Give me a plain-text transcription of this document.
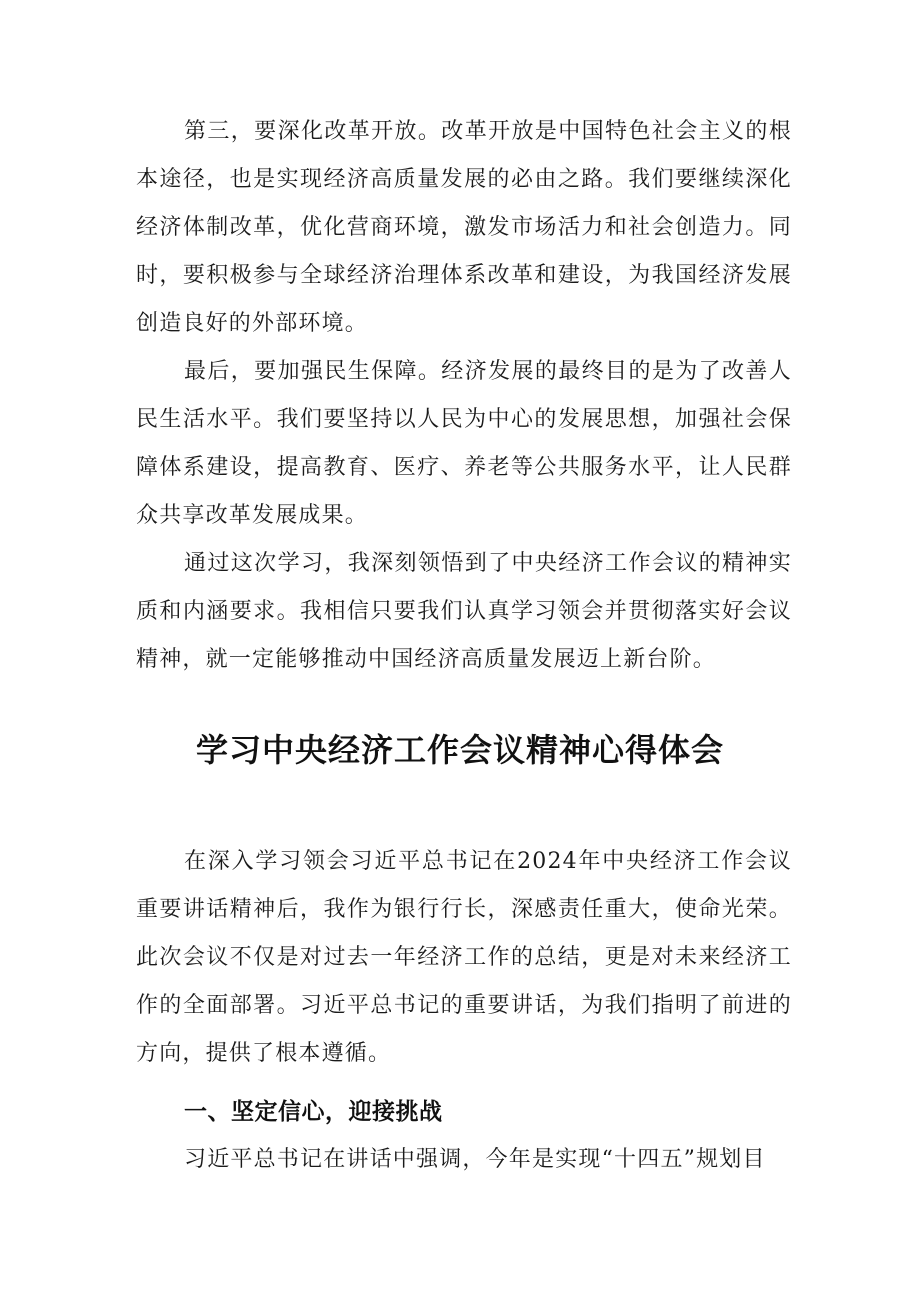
第三，要深化改革开放。改革开放是中国特色社会主义的根本途径，也是实现经济高质量发展的必由之路。我们要继续深化经济体制改革，优化营商环境，激发市场活力和社会创造力。同时，要积极参与全球经济治理体系改革和建设，为我国经济发展创造良好的外部环境。

最后，要加强民生保障。经济发展的最终目的是为了改善人民生活水平。我们要坚持以人民为中心的发展思想，加强社会保障体系建设，提高教育、医疗、养老等公共服务水平，让人民群众共享改革发展成果。

通过这次学习，我深刻领悟到了中央经济工作会议的精神实质和内涵要求。我相信只要我们认真学习领会并贯彻落实好会议精神，就一定能够推动中国经济高质量发展迈上新台阶。

学习中央经济工作会议精神心得体会

在深入学习领会习近平总书记在2024年中央经济工作会议重要讲话精神后，我作为银行行长，深感责任重大，使命光荣。此次会议不仅是对过去一年经济工作的总结，更是对未来经济工作的全面部署。习近平总书记的重要讲话，为我们指明了前进的方向，提供了根本遵循。

一、坚定信心，迎接挑战

习近平总书记在讲话中强调，今年是实现“十四五”规划目
